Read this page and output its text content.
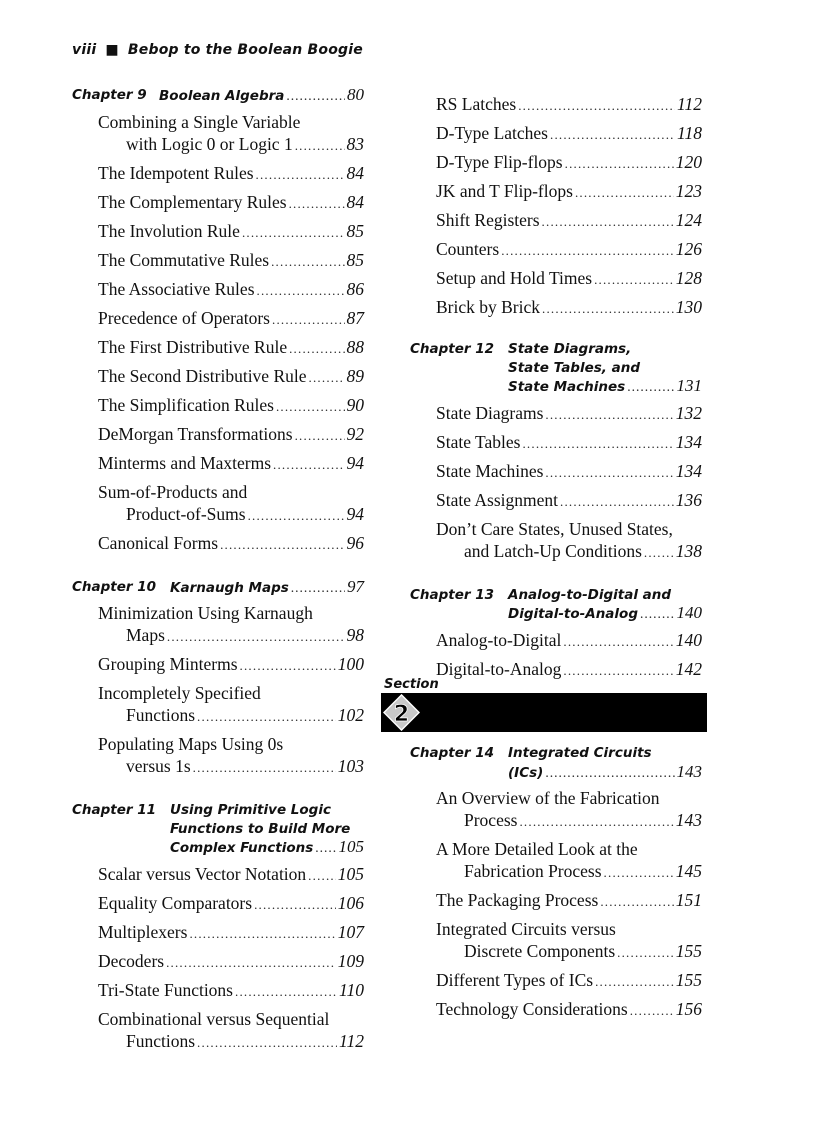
viii ■ Bebop to the Boolean Boogie
Chapter 9 Boolean Algebra .....	80
Combining a Single Variable
with Logic 0 or Logic 1 .....	83
The Idempotent Rules .....	84
The Complementary Rules .....	84
The Involution Rule .....	85
The Commutative Rules .....	85
The Associative Rules .....	86
Precedence of Operators .....	87
The First Distributive Rule .....	88
The Second Distributive Rule ..... 89
The Simplification Rules .....	90
DeMorgan Transformations .....	92
Minterms and Maxterms .....	94
Sum-of-Products and
Product-of-Sums .....	94
Canonical Forms .....	96
Chapter 10 Karnaugh Maps .....	97
Minimization Using Karnaugh
Maps .....	98
Grouping Minterms .....	100
Incompletely Specified
Functions .....	102
Populating Maps Using 0s
versus 1s .....	103
Chapter 11	Using Primitive Logic
Functions to Build More
Complex Functions ..... 105
Scalar versus Vector Notation ..... 105
Equality Comparators .....	106
Multiplexers .....	107
Decoders .....	109
Tri-State Functions .....	110
Combinational versus Sequential
Functions .....	112
RS Latches .....	112
D-Type Latches .....	118
D-Type Flip-flops .....	120
JK and T Flip-flops .....	123
Shift Registers .....	124
Counters .....	126
Setup and Hold Times .....	128
Brick by Brick .....	130
Chapter 12	State Diagrams,
State Tables, and
State Machines .....	131
State Diagrams .....	132
State Tables .....	134
State Machines .....	134
State Assignment .....	136
Don’t Care States, Unused States,
and Latch-Up Conditions ..... 138
Chapter 13	Analog-to-Digital and
Digital-to-Analog ..... 140
Analog-to-Digital .....	140
Digital-to-Analog .....	142
Section
2
Chapter 14	Integrated Circuits
(ICs) .....	143
An Overview of the Fabrication
Process .....	143
A More Detailed Look at the
Fabrication Process .....	145
The Packaging Process .....	151
Integrated Circuits versus
Discrete Components .....	155
Different Types of ICs .....	155
Technology Considerations .....	156
